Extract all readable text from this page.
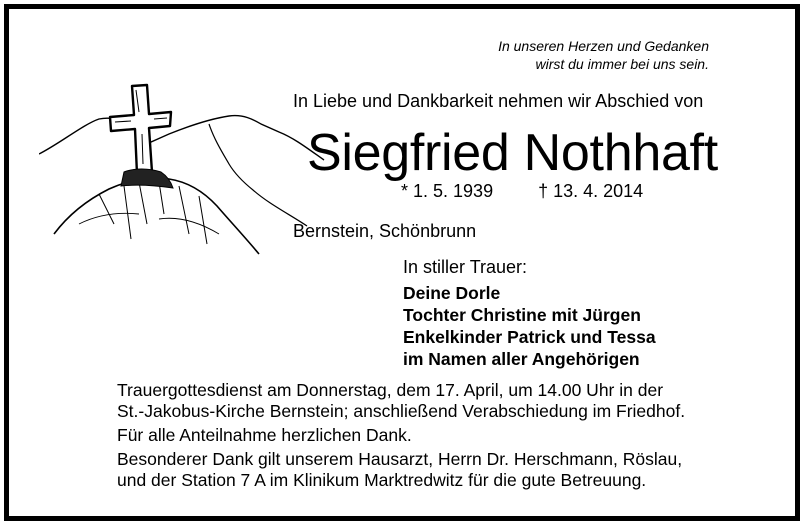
In unseren Herzen und Gedanken
wirst du immer bei uns sein.
In Liebe und Dankbarkeit nehmen wir Abschied von
Siegfried Nothhaft
* 1. 5. 1939	† 13. 4. 2014
Bernstein, Schönbrunn
In stiller Trauer:
Deine Dorle
Tochter Christine mit Jürgen
Enkelkinder Patrick und Tessa
im Namen aller Angehörigen

Trauergottesdienst am Donnerstag, dem 17. April, um 14.00 Uhr in der
St.-Jakobus-Kirche Bernstein; anschließend Verabschiedung im Friedhof.

Für alle Anteilnahme herzlichen Dank.

Besonderer Dank gilt unserem Hausarzt, Herrn Dr. Herschmann, Röslau,
und der Station 7 A im Klinikum Marktredwitz für die gute Betreuung.
